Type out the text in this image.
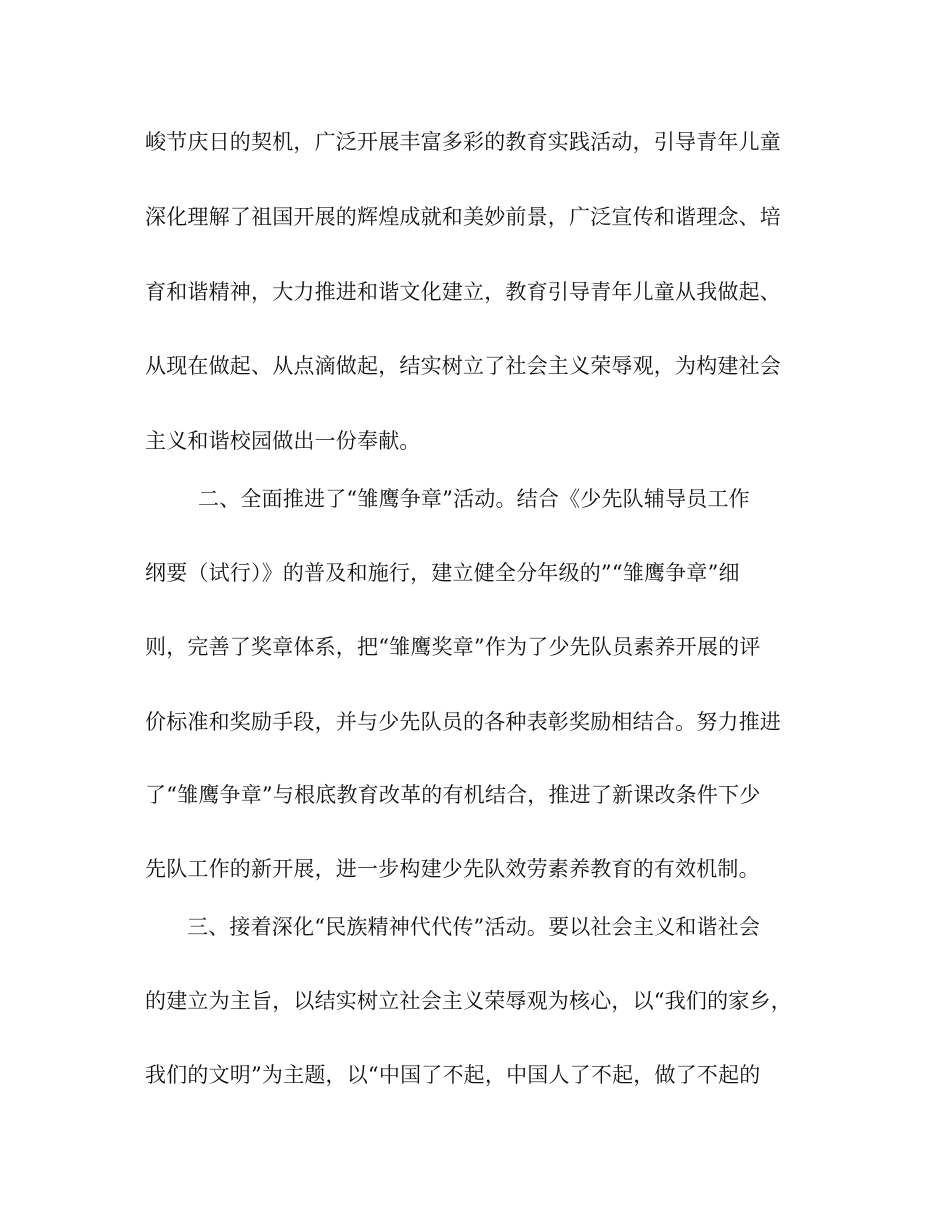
峻节庆日的契机，广泛开展丰富多彩的教育实践活动，引导青年儿童
深化理解了祖国开展的辉煌成就和美妙前景，广泛宣传和谐理念、培
育和谐精神，大力推进和谐文化建立，教育引导青年儿童从我做起、
从现在做起、从点滴做起，结实树立了社会主义荣辱观，为构建社会
主义和谐校园做出一份奉献。
二、全面推进了“雏鹰争章”活动。结合《少先队辅导员工作
纲要（试行）》的普及和施行，建立健全分年级的”“雏鹰争章”细
则，完善了奖章体系，把“雏鹰奖章”作为了少先队员素养开展的评
价标准和奖励手段，并与少先队员的各种表彰奖励相结合。努力推进
了“雏鹰争章”与根底教育改革的有机结合，推进了新课改条件下少
先队工作的新开展，进一步构建少先队效劳素养教育的有效机制。
三、接着深化“民族精神代代传”活动。要以社会主义和谐社会
的建立为主旨，以结实树立社会主义荣辱观为核心，以“我们的家乡，
我们的文明”为主题，以“中国了不起，中国人了不起，做了不起的
